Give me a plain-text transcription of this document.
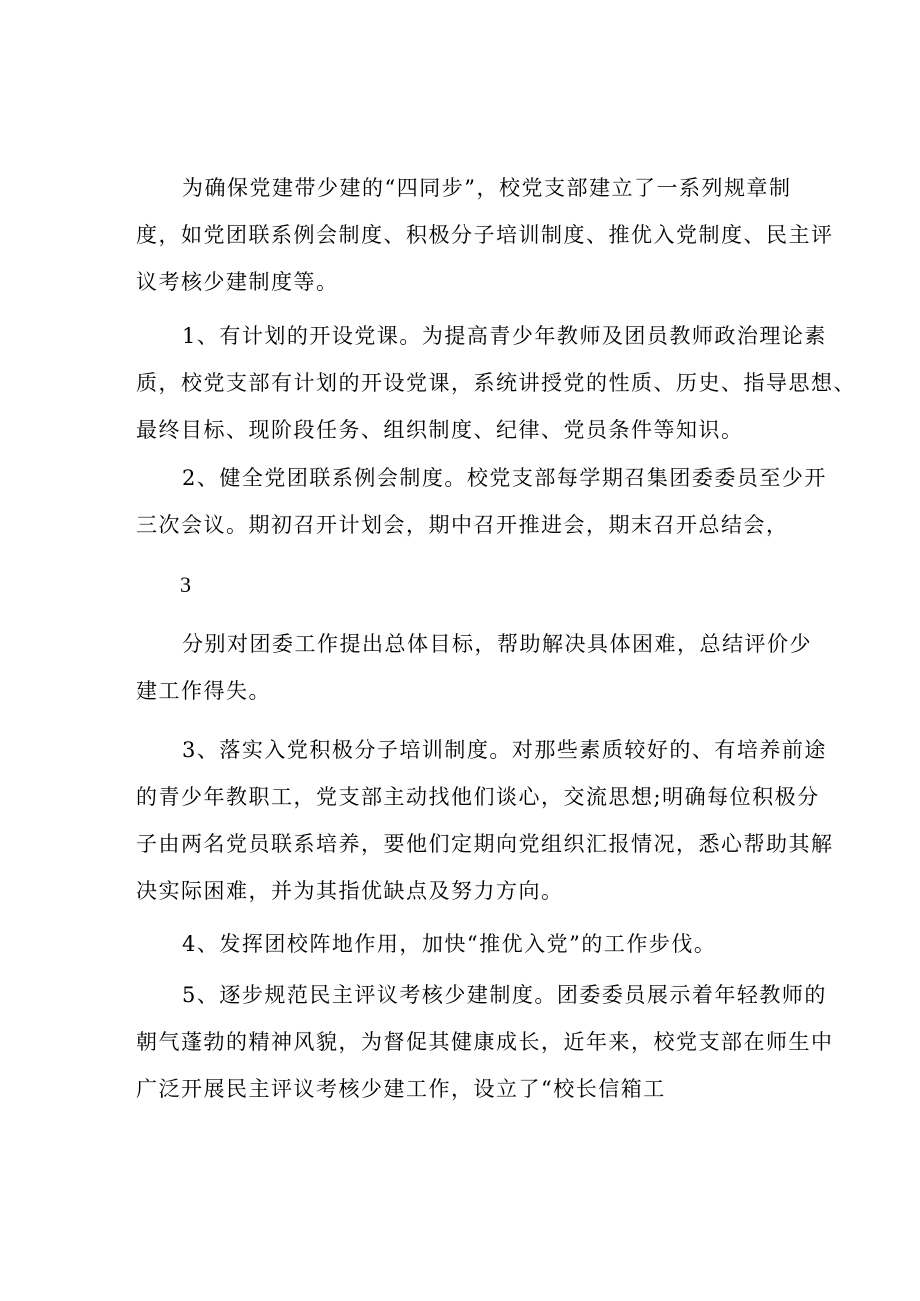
为确保党建带少建的“四同步”，校党支部建立了一系列规章制
度，如党团联系例会制度、积极分子培训制度、推优入党制度、民主评
议考核少建制度等。
1、有计划的开设党课。为提高青少年教师及团员教师政治理论素
质，校党支部有计划的开设党课，系统讲授党的性质、历史、指导思想、
最终目标、现阶段任务、组织制度、纪律、党员条件等知识。
2、健全党团联系例会制度。校党支部每学期召集团委委员至少开
三次会议。期初召开计划会，期中召开推进会，期末召开总结会，
3
分别对团委工作提出总体目标，帮助解决具体困难，总结评价少
建工作得失。
3、落实入党积极分子培训制度。对那些素质较好的、有培养前途
的青少年教职工，党支部主动找他们谈心，交流思想;明确每位积极分
子由两名党员联系培养，要他们定期向党组织汇报情况，悉心帮助其解
决实际困难，并为其指优缺点及努力方向。
4、发挥团校阵地作用，加快“推优入党”的工作步伐。
5、逐步规范民主评议考核少建制度。团委委员展示着年轻教师的
朝气蓬勃的精神风貌，为督促其健康成长，近年来，校党支部在师生中
广泛开展民主评议考核少建工作，设立了“校长信箱工
